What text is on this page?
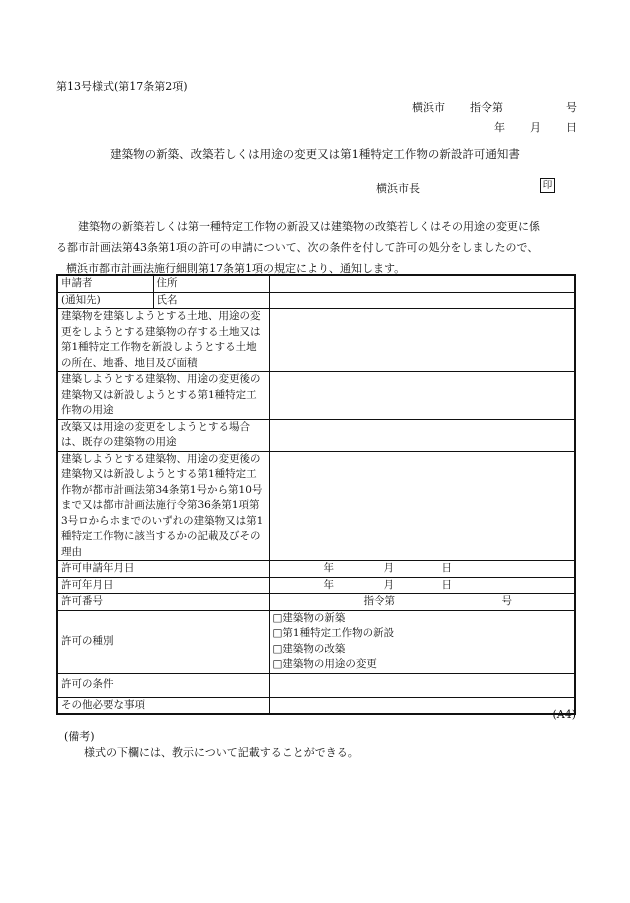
第13号様式(第17条第2項)
横浜市 指令第	号
年 月 日
建築物の新築、改築若しくは用途の変更又は第1種特定工作物の新設許可通知書
横浜市長	印

建築物の新築若しくは第一種特定工作物の新設又は建築物の改築若しくはその用途の変更に係

る都市計画法第43条第1項の許可の申請について、次の条件を付して許可の処分をしましたので、

横浜市都市計画法施行細則第17条第1項の規定により、通知します。

申請者	住所	
(通知先)	氏名	
建築物を建築しようとする土地、用途の変更をしようとする建築物の存する土地又は第1種特定工作物を新設しようとする土地の所在、地番、地目及び面積		
建築しようとする建築物、用途の変更後の建築物又は新設しようとする第1種特定工作物の用途		
改築又は用途の変更をしようとする場合は、既存の建築物の用途		
建築しようとする建築物、用途の変更後の建築物又は新設しようとする第1種特定工作物が都市計画法第34条第1号から第10号まで又は都市計画法施行令第36条第1項第3号ロからホまでのいずれの建築物又は第1種特定工作物に該当するかの記載及びその理由		
許可申請年月日		年 月 日

許可年月日		年 月 日

許可番号		指令第 号

許可の種別		□建築物の新築
□第1種特定工作物の新設
□建築物の改築
□建築物の用途の変更

許可の条件		
その他必要な事項		
(A4)
(備考)
様式の下欄には、教示について記載することができる。
